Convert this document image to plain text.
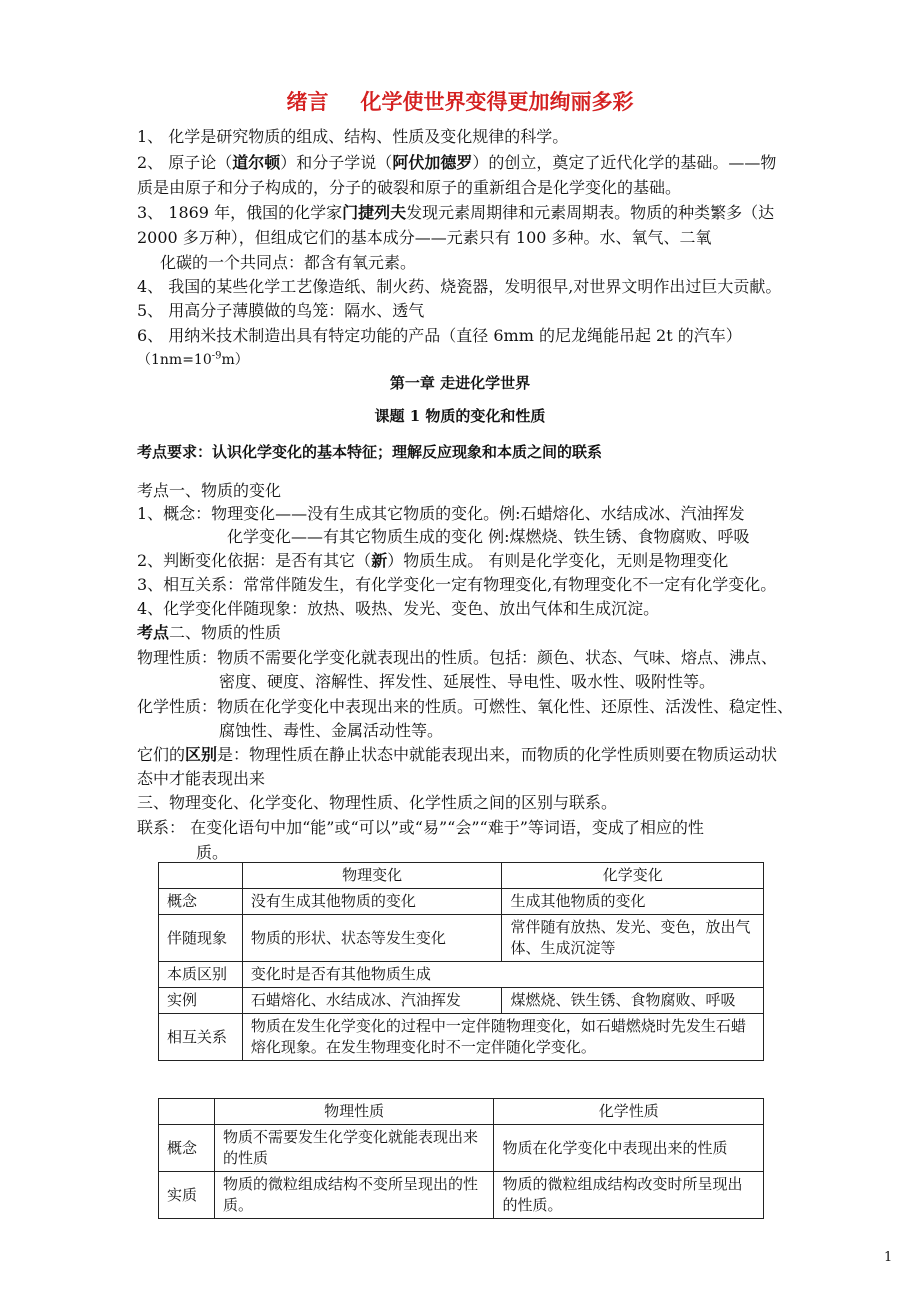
绪言 化学使世界变得更加绚丽多彩
1、 化学是研究物质的组成、结构、性质及变化规律的科学。
2、 原子论（道尔顿）和分子学说（阿伏加德罗）的创立，奠定了近代化学的基础。——物
质是由原子和分子构成的，分子的破裂和原子的重新组合是化学变化的基础。
3、 1869 年，俄国的化学家门捷列夫发现元素周期律和元素周期表。物质的种类繁多（达
2000 多万种），但组成它们的基本成分——元素只有 100 多种。水、氧气、二氧
化碳的一个共同点：都含有氧元素。
4、 我国的某些化学工艺像造纸、制火药、烧瓷器，发明很早,对世界文明作出过巨大贡献。
5、 用高分子薄膜做的鸟笼：隔水、透气
6、 用纳米技术制造出具有特定功能的产品（直径 6mm 的尼龙绳能吊起 2t 的汽车）
$(1nm=10^{-9}m)$
第一章 走进化学世界
课题 1 物质的变化和性质
考点要求：认识化学变化的基本特征；理解反应现象和本质之间的联系
考点一、物质的变化
1、概念：物理变化——没有生成其它物质的变化。例:石蜡熔化、水结成冰、汽油挥发
化学变化——有其它物质生成的变化 例:煤燃烧、铁生锈、食物腐败、呼吸
2、判断变化依据：是否有其它（新）物质生成。 有则是化学变化，无则是物理变化
3、相互关系：常常伴随发生，有化学变化一定有物理变化,有物理变化不一定有化学变化。
4、化学变化伴随现象：放热、吸热、发光、变色、放出气体和生成沉淀。
考点二、物质的性质
物理性质：物质不需要化学变化就表现出的性质。包括：颜色、状态、气味、熔点、沸点、
密度、硬度、溶解性、挥发性、延展性、导电性、吸水性、吸附性等。
化学性质：物质在化学变化中表现出来的性质。可燃性、氧化性、还原性、活泼性、稳定性、
腐蚀性、毒性、金属活动性等。
它们的区别是：物理性质在静止状态中就能表现出来，而物质的化学性质则要在物质运动状
态中才能表现出来
三、物理变化、化学变化、物理性质、化学性质之间的区别与联系。
联系： 在变化语句中加“能”或“可以”或“易”“会”“难于”等词语，变成了相应的性
质。
	物理变化	化学变化
概念	没有生成其他物质的变化	生成其他物质的变化
伴随现象	物质的形状、状态等发生变化	常伴随有放热、发光、变色，放出气体、生成沉淀等
本质区别	变化时是否有其他物质生成	
实例	石蜡熔化、水结成冰、汽油挥发	煤燃烧、铁生锈、食物腐败、呼吸
相互关系	物质在发生化学变化的过程中一定伴随物理变化，如石蜡燃烧时先发生石蜡熔化现象。在发生物理变化时不一定伴随化学变化。	
	物理性质	化学性质
概念	物质不需要发生化学变化就能表现出来的性质	物质在化学变化中表现出来的性质
实质	物质的微粒组成结构不变所呈现出的性质。	物质的微粒组成结构改变时所呈现出的性质。
1
